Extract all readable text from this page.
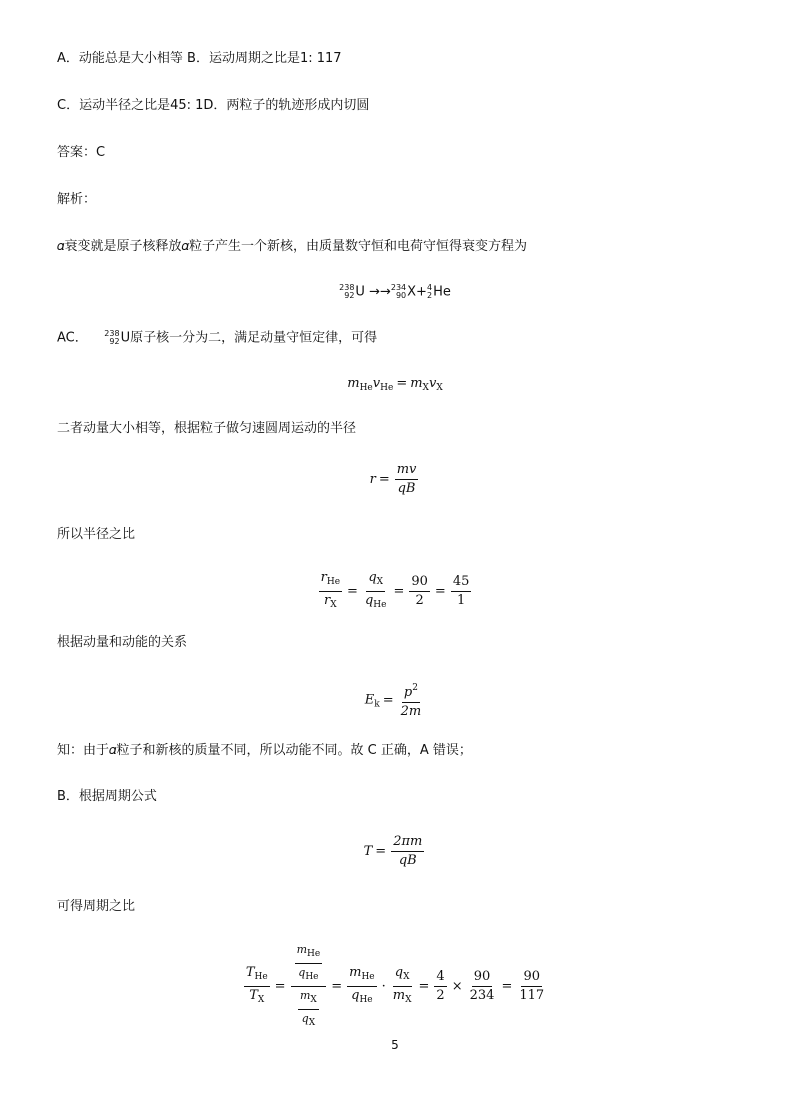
A．动能总是大小相等 B．运动周期之比是1: 117
C．运动半径之比是45: 1D．两粒子的轨迹形成内切圆
答案：C
解析：
𝛼衰变就是原子核释放𝛼粒子产生一个新核，由质量数守恒和电荷守恒得衰变方程为
238
92 U →→ 234
90 X+ 4
2 He
AC． 238
92 U原子核一分为二，满足动量守恒定律，可得
$m_{He}v_{He} = m_Xv_X$
二者动量大小相等，根据粒子做匀速圆周运动的半径
$r = \frac{mv}{qB}$
所以半径之比
$\frac{r_{He}}{r_X} = \frac{q_X}{q_{He}} = \frac{90}{2} = \frac{45}{1}$
根据动量和动能的关系
$E_k = \frac{p^2}{2m}$
知：由于𝛼粒子和新核的质量不同，所以动能不同。故 C 正确，A 错误；
B．根据周期公式
$T = \frac{2\pi m}{qB}$
可得周期之比
$\frac{T_{He}}{T_X} = \frac{\frac{m_{He}}{q_{He}}}{\frac{m_X}{q_X}} = \frac{m_{He}}{q_{He}} \cdot \frac{q_X}{m_X} = \frac{4}{2} \times \frac{90}{234} = \frac{90}{117}$
5
